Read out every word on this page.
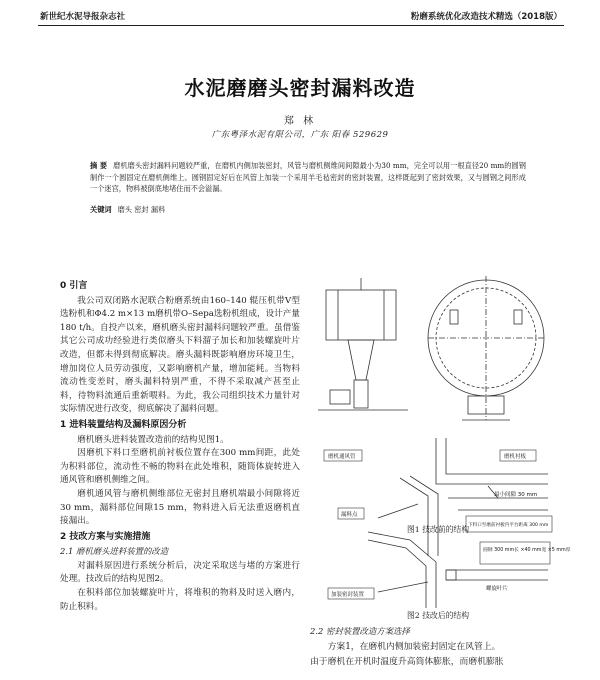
新世纪水泥导报杂志社	粉磨系统优化改造技术精选（2018版）
水泥磨磨头密封漏料改造
郑 林
广东粤泽水泥有限公司，广东 阳春 529629
摘 要 磨机磨头密封漏料问题较严重，在磨机内侧加装密封，风管与磨机侧维间间隙最小为30 mm，完全可以用一根直径20 mm的圆钢制作一个圆固定在磨机侧维上。圆钢固定好后在风管上加装一个采用羊毛毡密封的密封装置，这样既起到了密封效果，又与圆钢之间形成一个迷宫，物料被倒底地堵住而不会溢漏。
关键词 磨头 密封 漏料
0 引言
我公司双闭路水泥联合粉磨系统由160–140 辊压机带V型选粉机和Φ4.2 m×13 m磨机带O–Sepa选粉机组成，设计产量 180 t/h。自投产以来，磨机磨头密封漏料问题较严重。虽借鉴其它公司成功经验进行类似磨头下料溜子加长和加装螺旋叶片改造，但都未得到彻底解决。磨头漏料既影响磨房环境卫生，增加岗位人员劳动强度，又影响磨机产量，增加能耗。当物料流动性变差时，磨头漏料特别严重，不得不采取减产甚至止料，待物料流通后重新喂料。为此，我公司组织技术力量针对实际情况进行改变，彻底解决了漏料问题。
1 进料装置结构及漏料原因分析
磨机磨头进料装置改造前的结构见图1。
因磨机下料口至磨机前衬板位置存在300 mm间距，此处为积料部位，流动性不畅的物料在此处堆积，随筒体旋转进入通风管和磨机侧维之间。
磨机通风管与磨机侧维部位无密封且磨机端最小间隙将近30 mm，漏料部位间隙15 mm，物料进入后无法重返磨机直接漏出。
2 技改方案与实施措施
2.1 磨机磨头进料装置的改造
对漏料原因进行系统分析后，决定采取送与堵的方案进行处理。技改后的结构见图2。
在积料部位加装螺旋叶片，将堆积的物料及时送入磨内，防止积料。
磨机通风管	磨机衬板
最小间隙 30 mm
漏料点
下料口至磨前衬板内平台距离 300 mm
图1 技改前的结构
圆钢 300 mm长 ×40 mm宽 ×5 mm厚
螺旋叶片
加装密封装置
图2 技改后的结构
2.2 密封装置改造方案选择
方案1，在磨机内侧加装密封固定在风管上。
由于磨机在开机时温度升高筒体膨胀，而磨机膨胀
